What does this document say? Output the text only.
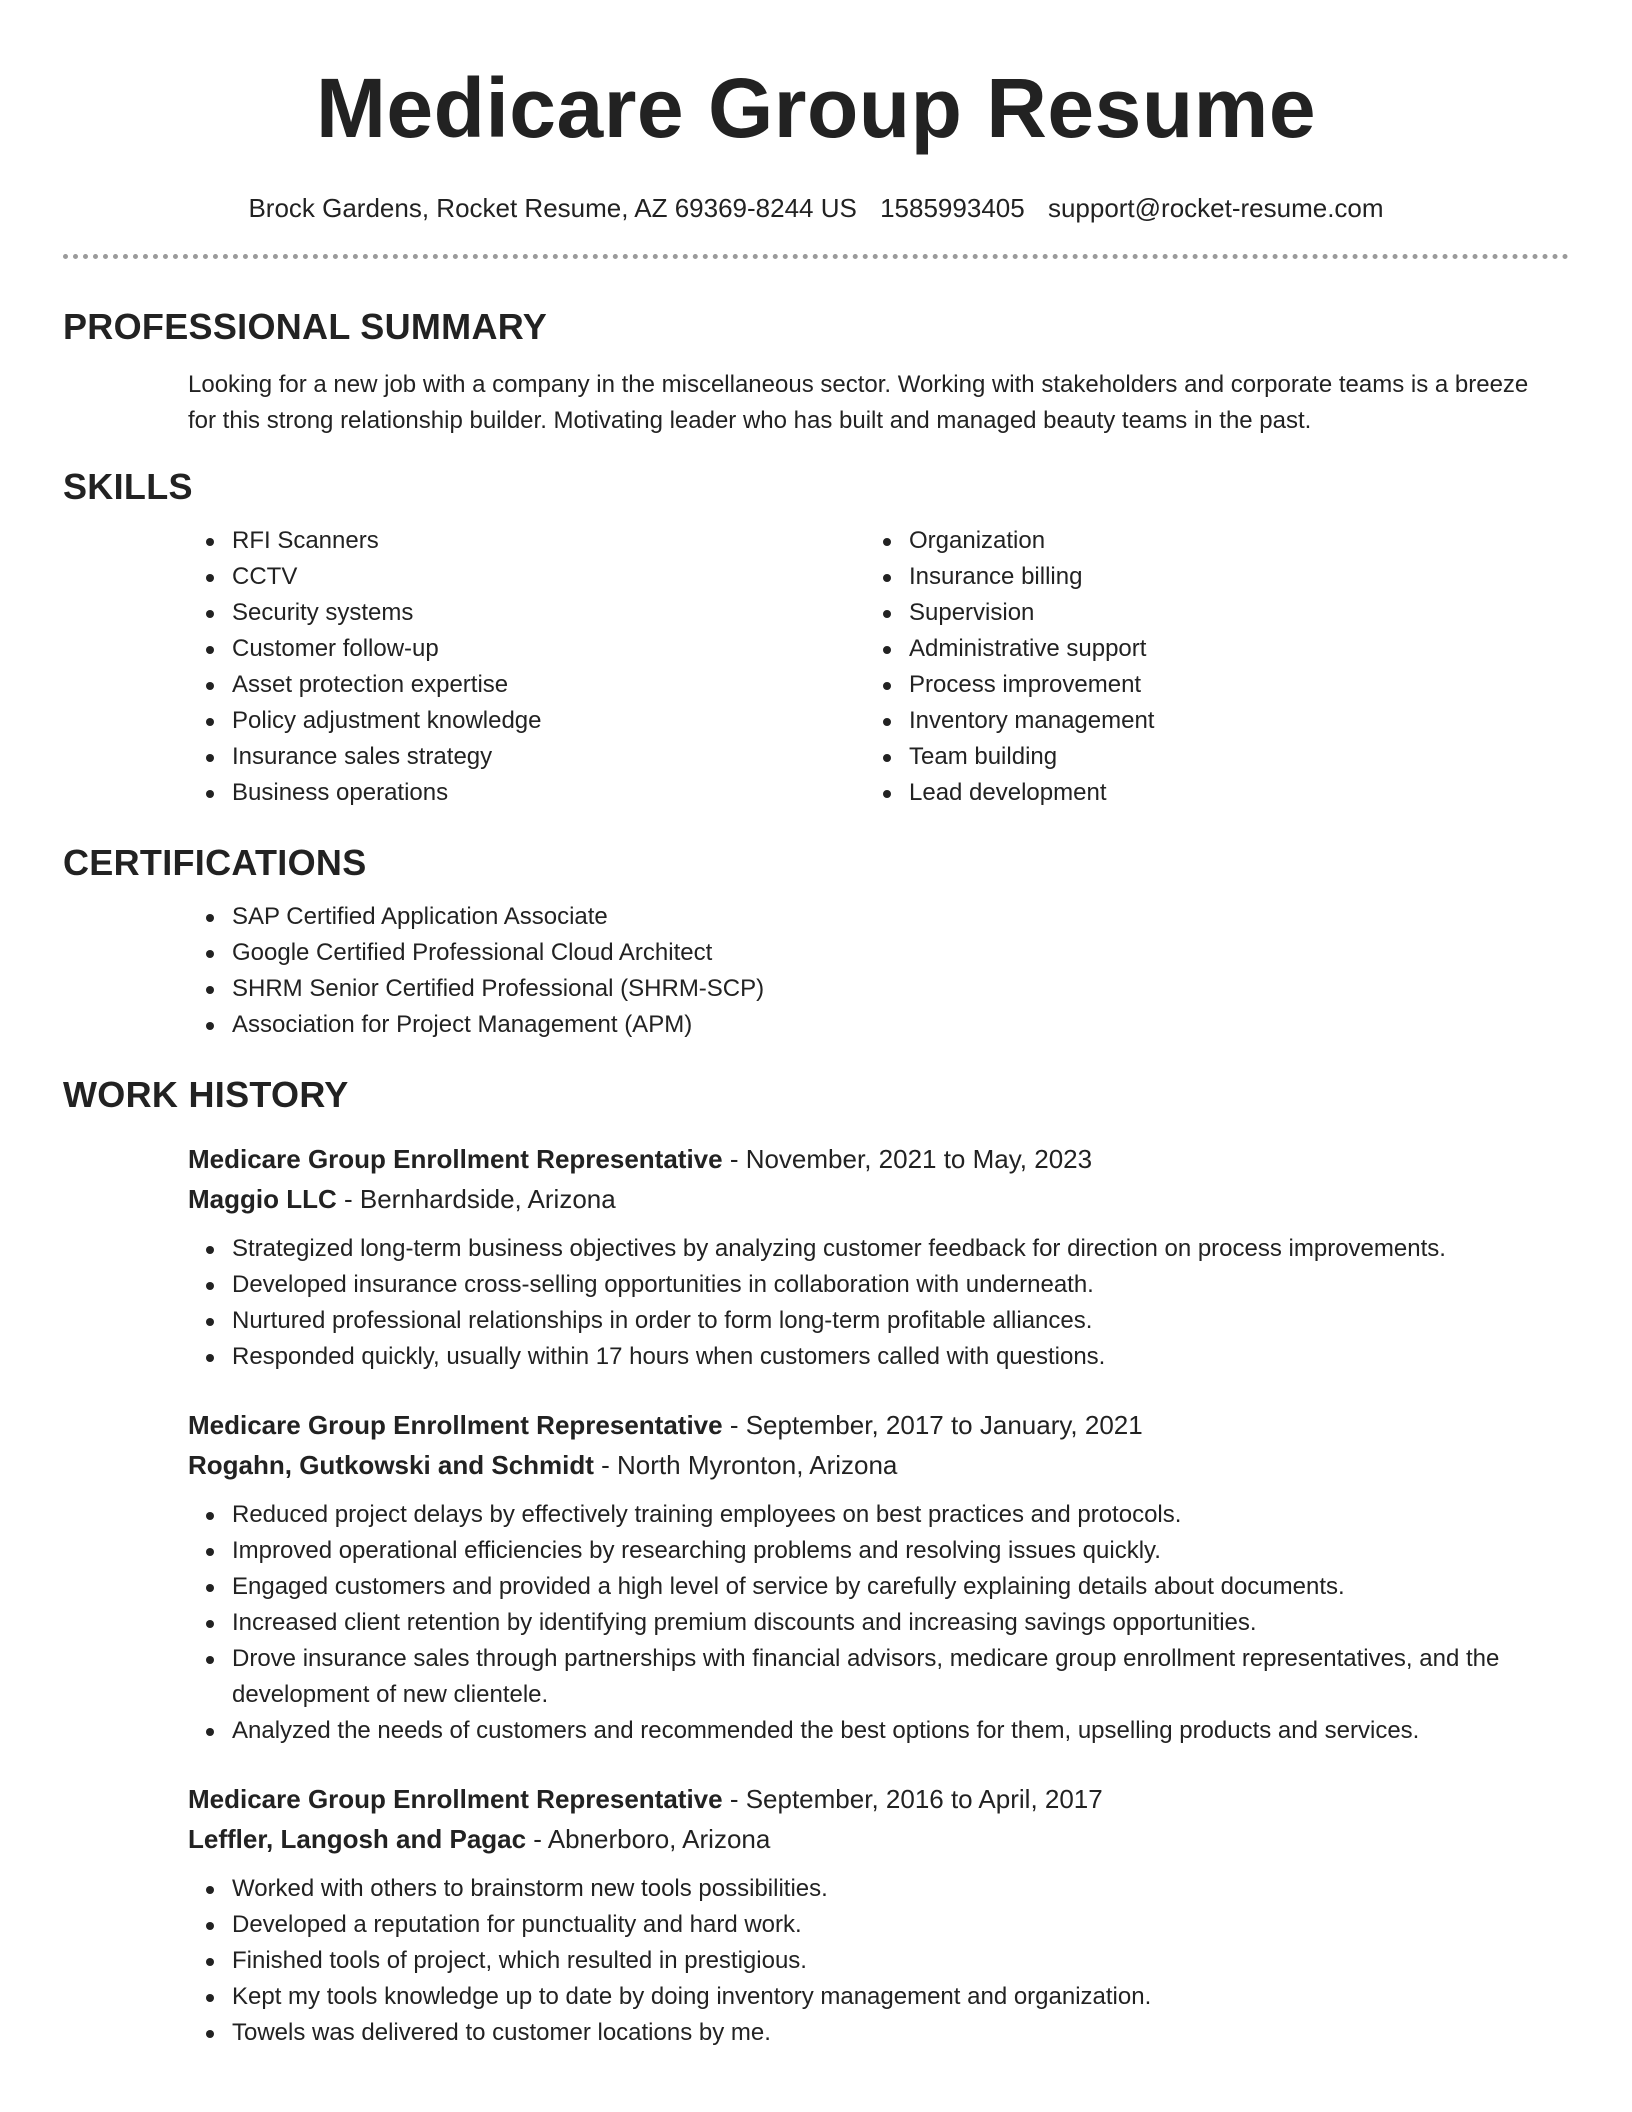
Medicare Group Resume
Brock Gardens, Rocket Resume, AZ 69369-8244 US 1585993405 support@rocket-resume.com
PROFESSIONAL SUMMARY

Looking for a new job with a company in the miscellaneous sector. Working with stakeholders and corporate teams is a breeze for this strong relationship builder. Motivating leader who has built and managed beauty teams in the past.

SKILLS
RFI Scanners
CCTV
Security systems
Customer follow-up
Asset protection expertise
Policy adjustment knowledge
Insurance sales strategy
Business operations
Organization
Insurance billing
Supervision
Administrative support
Process improvement
Inventory management
Team building
Lead development
CERTIFICATIONS
SAP Certified Application Associate
Google Certified Professional Cloud Architect
SHRM Senior Certified Professional (SHRM-SCP)
Association for Project Management (APM)
WORK HISTORY
Medicare Group Enrollment Representative - November, 2021 to May, 2023
Maggio LLC - Bernhardside, Arizona
Strategized long-term business objectives by analyzing customer feedback for direction on process improvements.
Developed insurance cross-selling opportunities in collaboration with underneath.
Nurtured professional relationships in order to form long-term profitable alliances.
Responded quickly, usually within 17 hours when customers called with questions.
Medicare Group Enrollment Representative - September, 2017 to January, 2021
Rogahn, Gutkowski and Schmidt - North Myronton, Arizona
Reduced project delays by effectively training employees on best practices and protocols.
Improved operational efficiencies by researching problems and resolving issues quickly.
Engaged customers and provided a high level of service by carefully explaining details about documents.
Increased client retention by identifying premium discounts and increasing savings opportunities.
Drove insurance sales through partnerships with financial advisors, medicare group enrollment representatives, and the development of new clientele.
Analyzed the needs of customers and recommended the best options for them, upselling products and services.
Medicare Group Enrollment Representative - September, 2016 to April, 2017
Leffler, Langosh and Pagac - Abnerboro, Arizona
Worked with others to brainstorm new tools possibilities.
Developed a reputation for punctuality and hard work.
Finished tools of project, which resulted in prestigious.
Kept my tools knowledge up to date by doing inventory management and organization.
Towels was delivered to customer locations by me.
